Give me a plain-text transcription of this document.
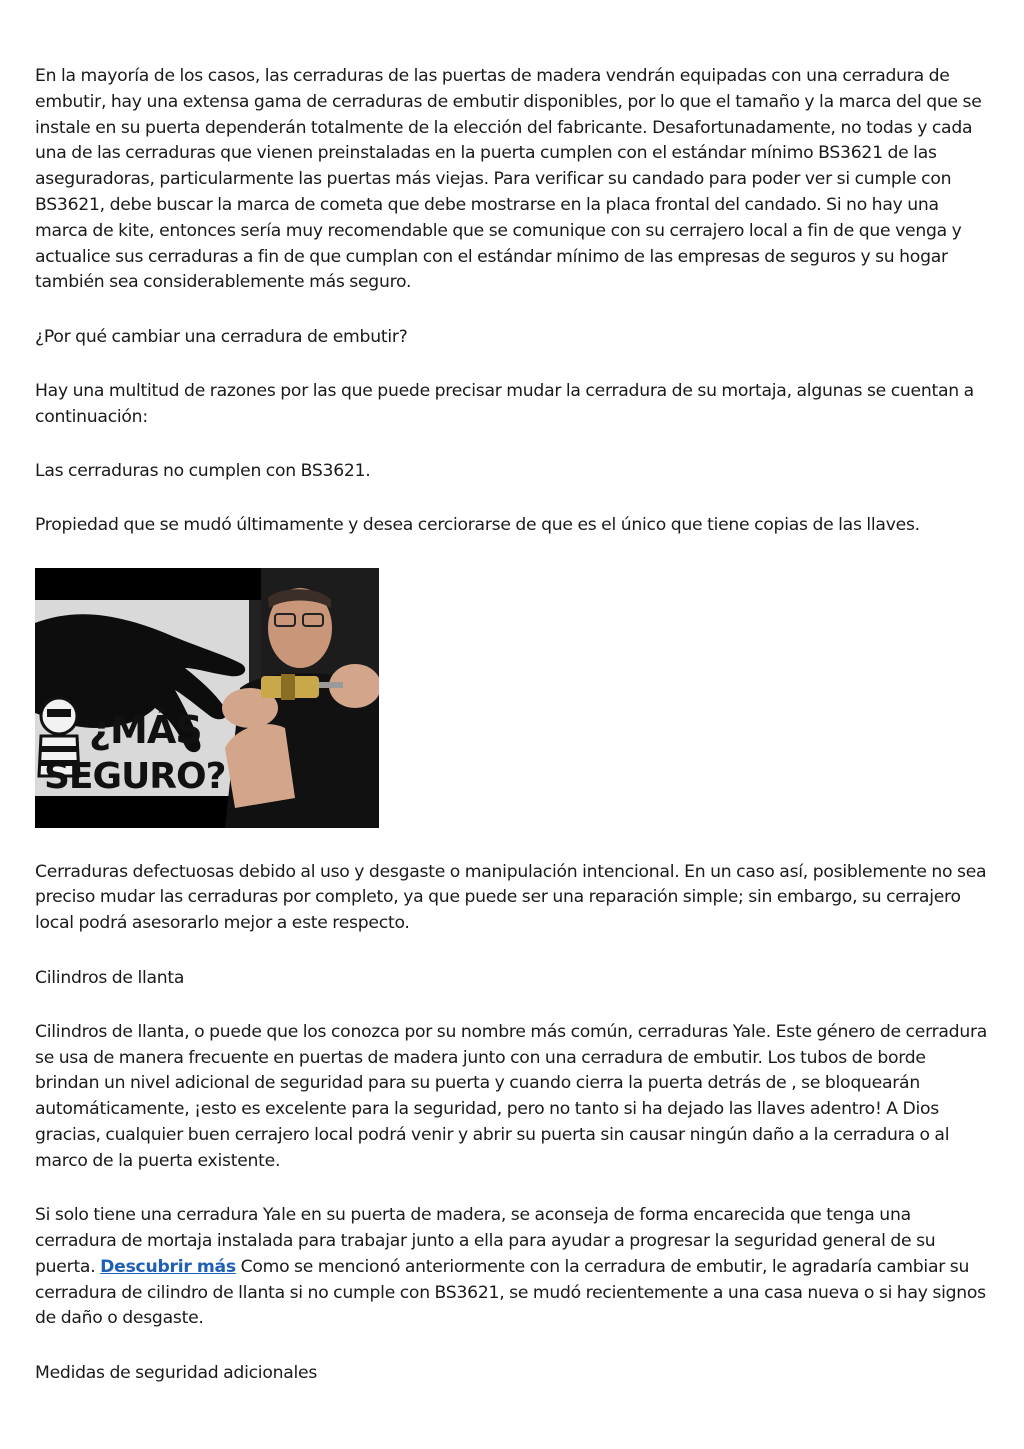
En la mayoría de los casos, las cerraduras de las puertas de madera vendrán equipadas con una cerradura de embutir, hay una extensa gama de cerraduras de embutir disponibles, por lo que el tamaño y la marca del que se instale en su puerta dependerán totalmente de la elección del fabricante. Desafortunadamente, no todas y cada una de las cerraduras que vienen preinstaladas en la puerta cumplen con el estándar mínimo BS3621 de las aseguradoras, particularmente las puertas más viejas. Para verificar su candado para poder ver si cumple con BS3621, debe buscar la marca de cometa que debe mostrarse en la placa frontal del candado. Si no hay una marca de kite, entonces sería muy recomendable que se comunique con su cerrajero local a fin de que venga y actualice sus cerraduras a fin de que cumplan con el estándar mínimo de las empresas de seguros y su hogar también sea considerablemente más seguro.

¿Por qué cambiar una cerradura de embutir?

Hay una multitud de razones por las que puede precisar mudar la cerradura de su mortaja, algunas se cuentan a continuación:

Las cerraduras no cumplen con BS3621.

Propiedad que se mudó últimamente y desea cerciorarse de que es el único que tiene copias de las llaves.

¿MÁS
SEGURO?

Cerraduras defectuosas debido al uso y desgaste o manipulación intencional. En un caso así, posiblemente no sea preciso mudar las cerraduras por completo, ya que puede ser una reparación simple; sin embargo, su cerrajero local podrá asesorarlo mejor a este respecto.

Cilindros de llanta

Cilindros de llanta, o puede que los conozca por su nombre más común, cerraduras Yale. Este género de cerradura se usa de manera frecuente en puertas de madera junto con una cerradura de embutir. Los tubos de borde brindan un nivel adicional de seguridad para su puerta y cuando cierra la puerta detrás de , se bloquearán automáticamente, ¡esto es excelente para la seguridad, pero no tanto si ha dejado las llaves adentro! A Dios gracias, cualquier buen cerrajero local podrá venir y abrir su puerta sin causar ningún daño a la cerradura o al marco de la puerta existente.

Si solo tiene una cerradura Yale en su puerta de madera, se aconseja de forma encarecida que tenga una cerradura de mortaja instalada para trabajar junto a ella para ayudar a progresar la seguridad general de su puerta. Descubrir más Como se mencionó anteriormente con la cerradura de embutir, le agradaría cambiar su cerradura de cilindro de llanta si no cumple con BS3621, se mudó recientemente a una casa nueva o si hay signos de daño o desgaste.

Medidas de seguridad adicionales
